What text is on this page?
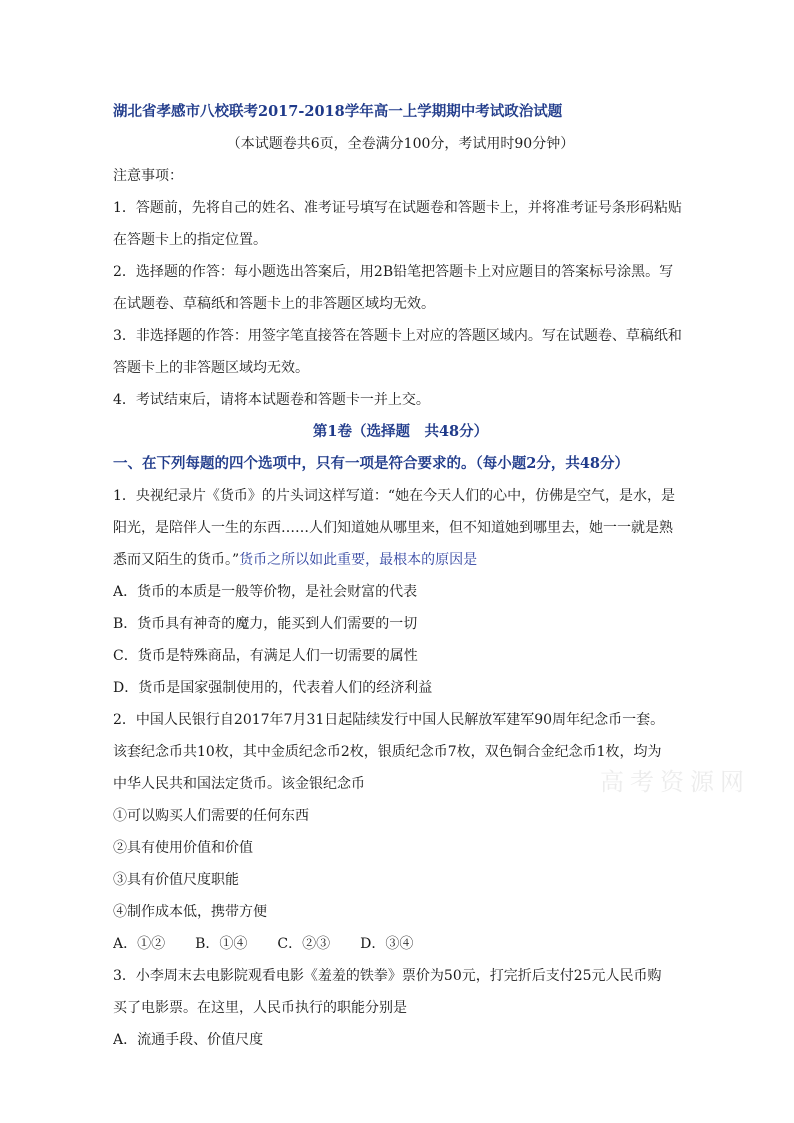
高考资源网
湖北省孝感市八校联考2017-2018学年高一上学期期中考试政治试题
（本试题卷共6页，全卷满分100分，考试用时90分钟）
注意事项：
1．答题前，先将自己的姓名、准考证号填写在试题卷和答题卡上，并将准考证号条形码粘贴
在答题卡上的指定位置。
2．选择题的作答：每小题选出答案后，用2B铅笔把答题卡上对应题目的答案标号涂黑。写
在试题卷、草稿纸和答题卡上的非答题区域均无效。
3．非选择题的作答：用签字笔直接答在答题卡上对应的答题区域内。写在试题卷、草稿纸和
答题卡上的非答题区域均无效。
4．考试结束后，请将本试题卷和答题卡一并上交。
第1卷（选择题　共48分）
一、在下列每题的四个选项中，只有一项是符合要求的。（每小题2分，共48分）
1．央视纪录片《货币》的片头词这样写道：“她在今天人们的心中，仿佛是空气，是水，是
阳光，是陪伴人一生的东西……人们知道她从哪里来，但不知道她到哪里去，她一一就是熟
悉而又陌生的货币。”货币之所以如此重要，最根本的原因是
A．货币的本质是一般等价物，是社会财富的代表
B．货币具有神奇的魔力，能买到人们需要的一切
C．货币是特殊商品，有满足人们一切需要的属性
D．货币是国家强制使用的，代表着人们的经济利益
2．中国人民银行自2017年7月31日起陆续发行中国人民解放军建军90周年纪念币一套。
该套纪念币共10枚，其中金质纪念币2枚，银质纪念币7枚，双色铜合金纪念币1枚，均为
中华人民共和国法定货币。该金银纪念币
①可以购买人们需要的任何东西
②具有使用价值和价值
③具有价值尺度职能
④制作成本低，携带方便
A．①② B．①④ C．②③ D．③④
3．小李周末去电影院观看电影《羞羞的铁拳》票价为50元，打完折后支付25元人民币购
买了电影票。在这里，人民币执行的职能分别是
A．流通手段、价值尺度
